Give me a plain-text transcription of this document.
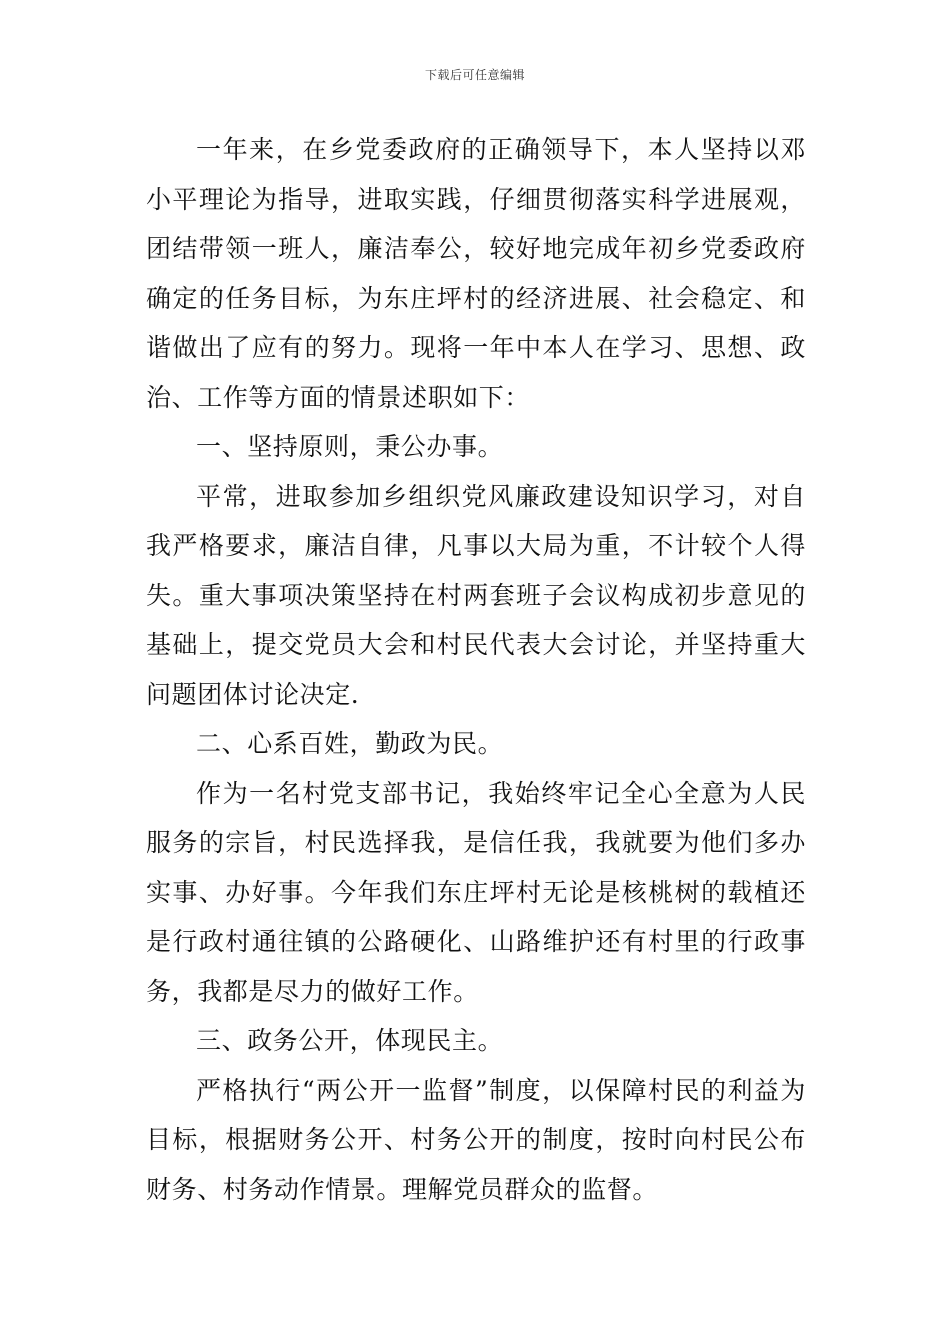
下载后可任意编辑

一年来，在乡党委政府的正确领导下，本人坚持以邓小平理论为指导，进取实践，仔细贯彻落实科学进展观，团结带领一班人，廉洁奉公，较好地完成年初乡党委政府确定的任务目标，为东庄坪村的经济进展、社会稳定、和谐做出了应有的努力。现将一年中本人在学习、思想、政治、工作等方面的情景述职如下：

一、坚持原则，秉公办事。

平常，进取参加乡组织党风廉政建设知识学习，对自我严格要求，廉洁自律，凡事以大局为重，不计较个人得失。重大事项决策坚持在村两套班子会议构成初步意见的基础上，提交党员大会和村民代表大会讨论，并坚持重大问题团体讨论决定.

二、心系百姓，勤政为民。

作为一名村党支部书记，我始终牢记全心全意为人民服务的宗旨，村民选择我，是信任我，我就要为他们多办实事、办好事。今年我们东庄坪村无论是核桃树的载植还是行政村通往镇的公路硬化、山路维护还有村里的行政事务，我都是尽力的做好工作。

三、政务公开，体现民主。

严格执行“两公开一监督”制度，以保障村民的利益为目标，根据财务公开、村务公开的制度，按时向村民公布财务、村务动作情景。理解党员群众的监督。
